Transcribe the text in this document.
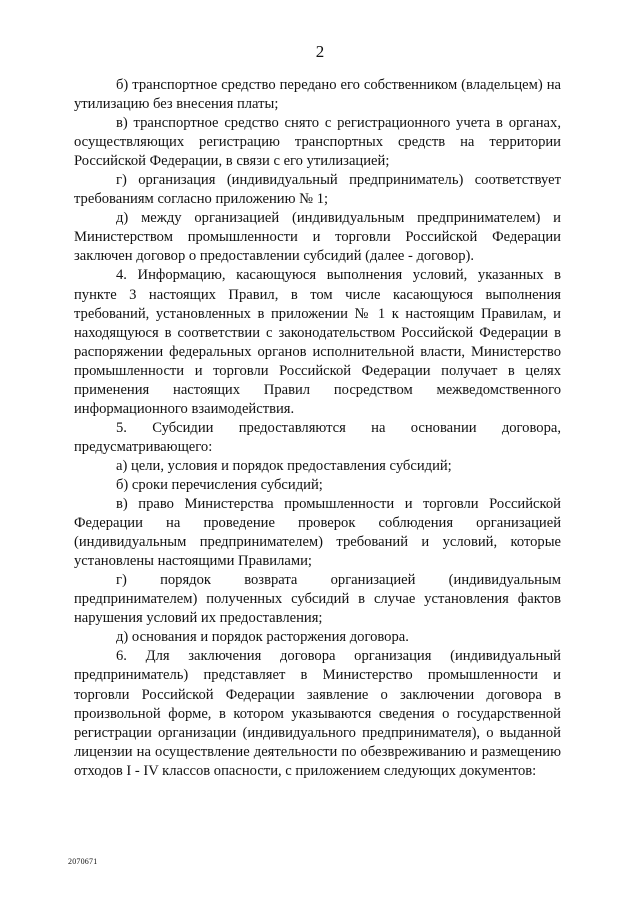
2

б) транспортное средство передано его собственником (владельцем) на утилизацию без внесения платы;

в) транспортное средство снято с регистрационного учета в органах, осуществляющих регистрацию транспортных средств на территории Российской Федерации, в связи с его утилизацией;

г) организация (индивидуальный предприниматель) соответствует требованиям согласно приложению № 1;

д) между организацией (индивидуальным предпринимателем) и Министерством промышленности и торговли Российской Федерации заключен договор о предоставлении субсидий (далее - договор).

4. Информацию, касающуюся выполнения условий, указанных в пункте 3 настоящих Правил, в том числе касающуюся выполнения требований, установленных в приложении № 1 к настоящим Правилам, и находящуюся в соответствии с законодательством Российской Федерации в распоряжении федеральных органов исполнительной власти, Министерство промышленности и торговли Российской Федерации получает в целях применения настоящих Правил посредством межведомственного информационного взаимодействия.

5. Субсидии предоставляются на основании договора, предусматривающего:

а) цели, условия и порядок предоставления субсидий;

б) сроки перечисления субсидий;

в) право Министерства промышленности и торговли Российской Федерации на проведение проверок соблюдения организацией (индивидуальным предпринимателем) требований и условий, которые установлены настоящими Правилами;

г) порядок возврата организацией (индивидуальным предпринимателем) полученных субсидий в случае установления фактов нарушения условий их предоставления;

д) основания и порядок расторжения договора.

6. Для заключения договора организация (индивидуальный предприниматель) представляет в Министерство промышленности и торговли Российской Федерации заявление о заключении договора в произвольной форме, в котором указываются сведения о государственной регистрации организации (индивидуального предпринимателя), о выданной лицензии на осуществление деятельности по обезвреживанию и размещению отходов I - IV классов опасности, с приложением следующих документов:

2070671
